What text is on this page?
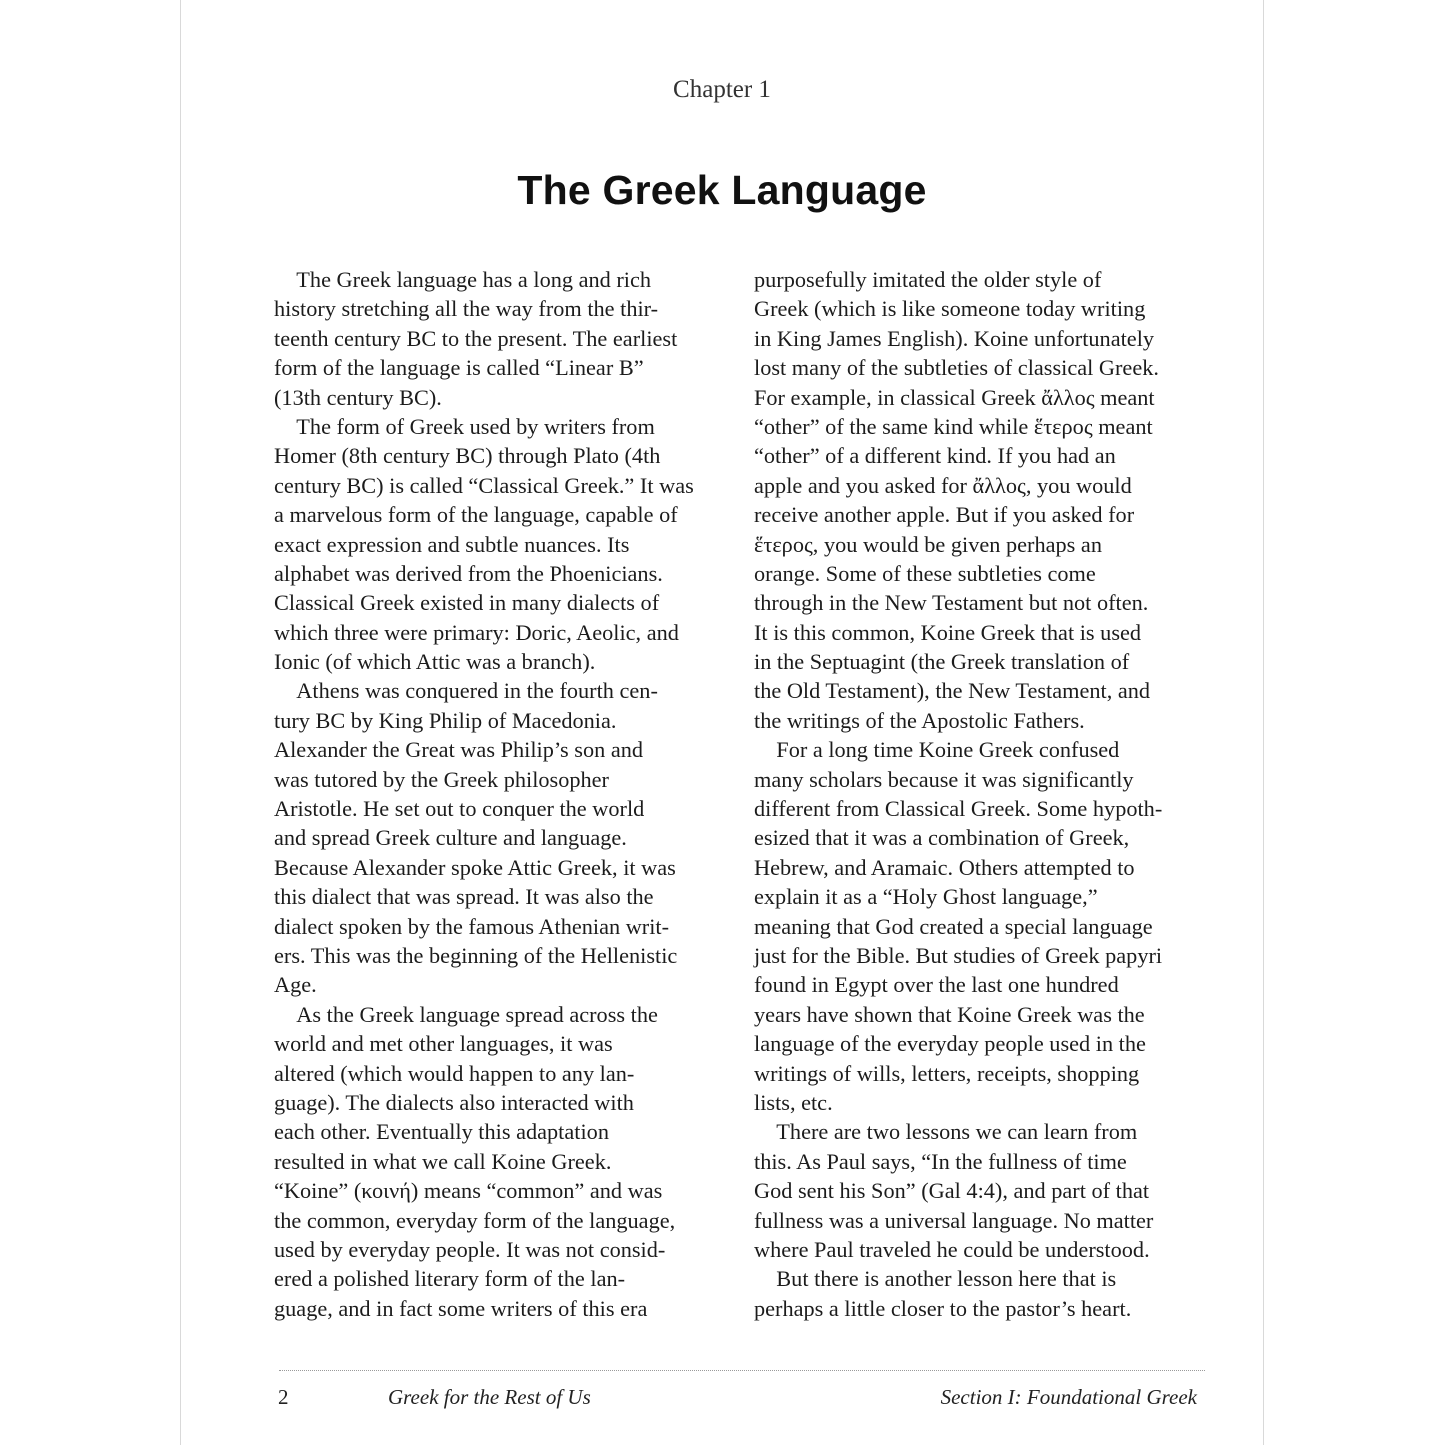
Chapter 1
The Greek Language
 The Greek language has a long and rich
history stretching all the way from the thir-
teenth century BC to the present. The earliest
form of the language is called “Linear B”
(13th century BC).
 The form of Greek used by writers from
Homer (8th century BC) through Plato (4th
century BC) is called “Classical Greek.” It was
a marvelous form of the language, capable of
exact expression and subtle nuances. Its
alphabet was derived from the Phoenicians.
Classical Greek existed in many dialects of
which three were primary: Doric, Aeolic, and
Ionic (of which Attic was a branch).
 Athens was conquered in the fourth cen-
tury BC by King Philip of Macedonia.
Alexander the Great was Philip’s son and
was tutored by the Greek philosopher
Aristotle. He set out to conquer the world
and spread Greek culture and language.
Because Alexander spoke Attic Greek, it was
this dialect that was spread. It was also the
dialect spoken by the famous Athenian writ-
ers. This was the beginning of the Hellenistic
Age.
 As the Greek language spread across the
world and met other languages, it was
altered (which would happen to any lan-
guage). The dialects also interacted with
each other. Eventually this adaptation
resulted in what we call Koine Greek.
“Koine” (κοινή) means “common” and was
the common, everyday form of the language,
used by everyday people. It was not consid-
ered a polished literary form of the lan-
guage, and in fact some writers of this era
purposefully imitated the older style of
Greek (which is like someone today writing
in King James English). Koine unfortunately
lost many of the subtleties of classical Greek.
For example, in classical Greek ἄλλος meant
“other” of the same kind while ἕτερος meant
“other” of a different kind. If you had an
apple and you asked for ἄλλος, you would
receive another apple. But if you asked for
ἕτερος, you would be given perhaps an
orange. Some of these subtleties come
through in the New Testament but not often.
It is this common, Koine Greek that is used
in the Septuagint (the Greek translation of
the Old Testament), the New Testament, and
the writings of the Apostolic Fathers.
 For a long time Koine Greek confused
many scholars because it was significantly
different from Classical Greek. Some hypoth-
esized that it was a combination of Greek,
Hebrew, and Aramaic. Others attempted to
explain it as a “Holy Ghost language,”
meaning that God created a special language
just for the Bible. But studies of Greek papyri
found in Egypt over the last one hundred
years have shown that Koine Greek was the
language of the everyday people used in the
writings of wills, letters, receipts, shopping
lists, etc.
 There are two lessons we can learn from
this. As Paul says, “In the fullness of time
God sent his Son” (Gal 4:4), and part of that
fullness was a universal language. No matter
where Paul traveled he could be understood.
 But there is another lesson here that is
perhaps a little closer to the pastor’s heart.
2	Greek for the Rest of Us	Section I: Foundational Greek
